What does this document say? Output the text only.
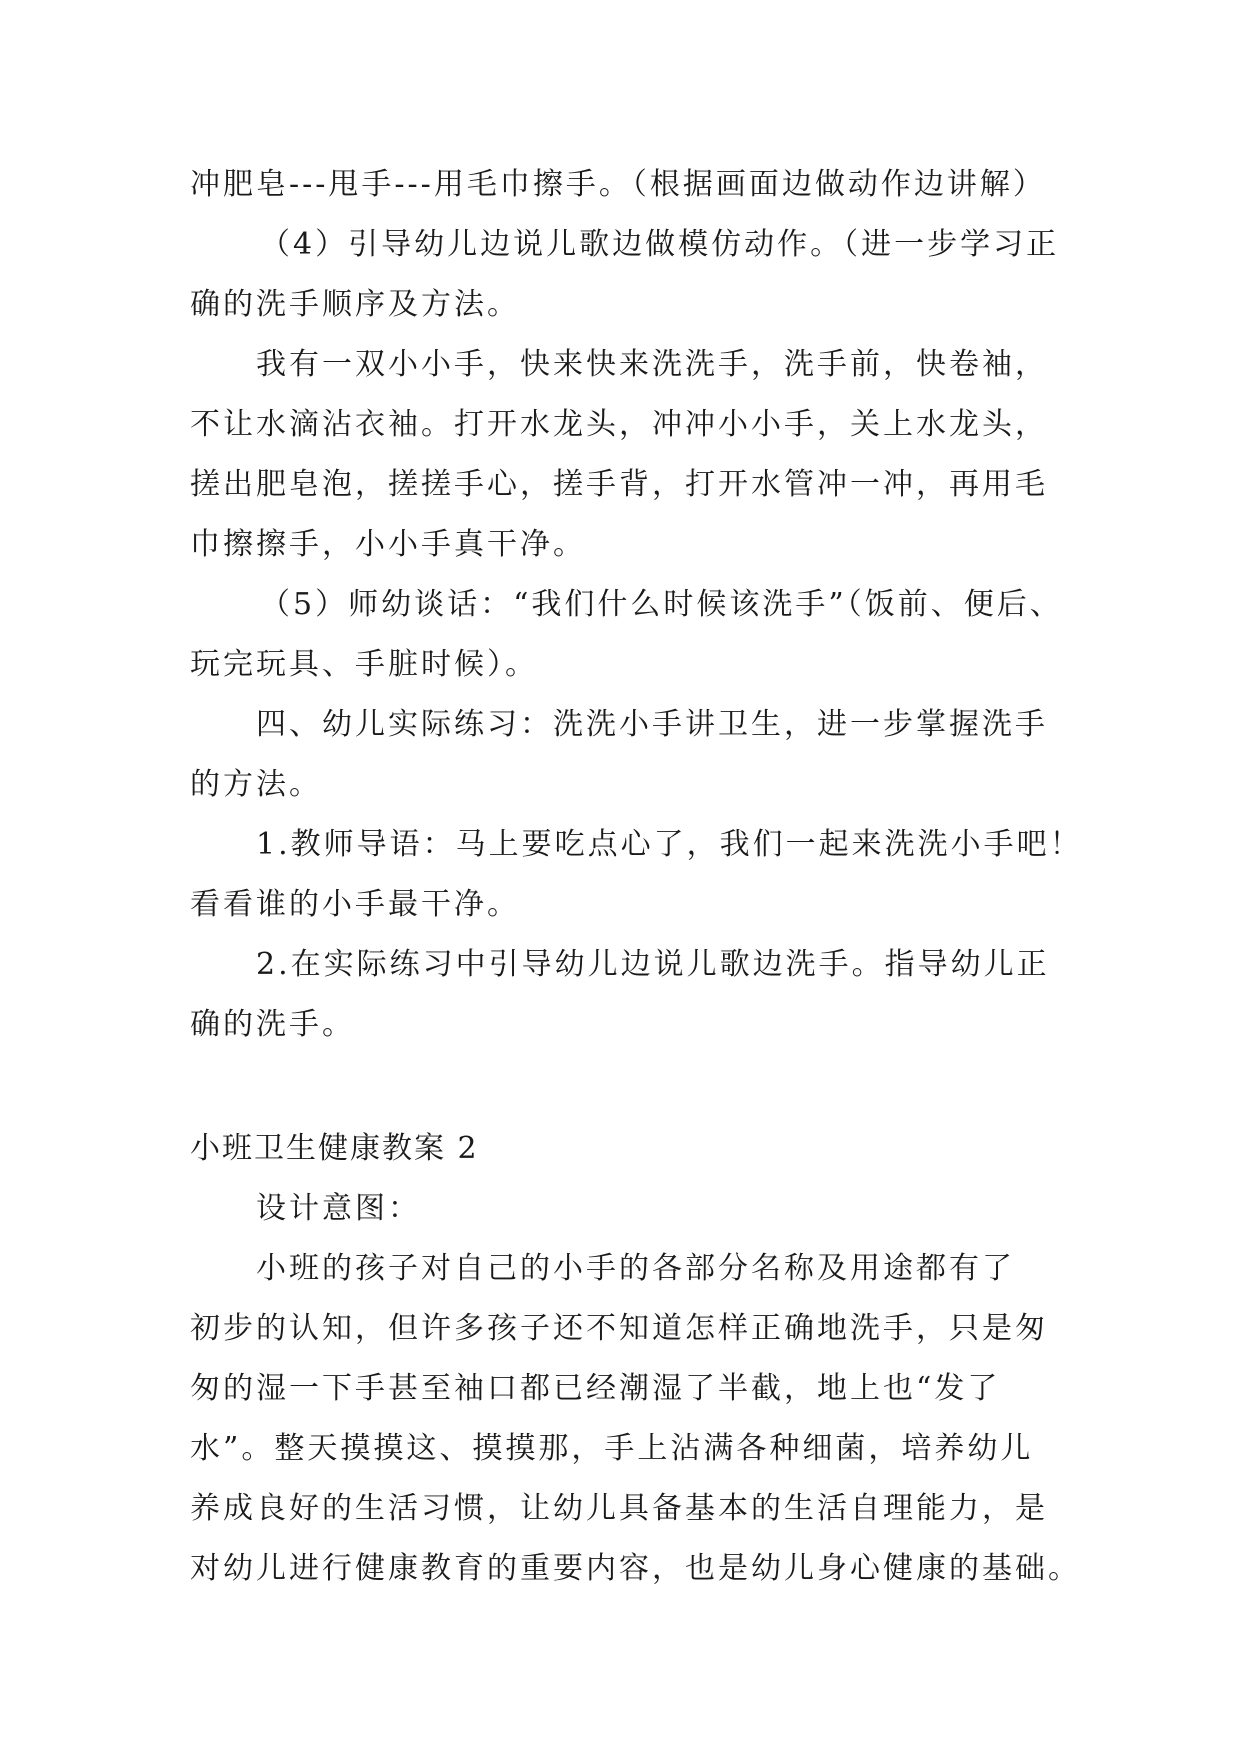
冲肥皂---甩手---用毛巾擦手。（根据画面边做动作边讲解）
（4）引导幼儿边说儿歌边做模仿动作。（进一步学习正
确的洗手顺序及方法。
我有一双小小手，快来快来洗洗手，洗手前，快卷袖，
不让水滴沾衣袖。打开水龙头，冲冲小小手，关上水龙头，
搓出肥皂泡，搓搓手心，搓手背，打开水管冲一冲，再用毛
巾擦擦手，小小手真干净。
（5）师幼谈话：“我们什么时候该洗手”（饭前、便后、
玩完玩具、手脏时候）。
四、幼儿实际练习：洗洗小手讲卫生，进一步掌握洗手
的方法。
1.教师导语：马上要吃点心了，我们一起来洗洗小手吧！
看看谁的小手最干净。
2.在实际练习中引导幼儿边说儿歌边洗手。指导幼儿正
确的洗手。
小班卫生健康教案 2
设计意图：
小班的孩子对自己的小手的各部分名称及用途都有了
初步的认知，但许多孩子还不知道怎样正确地洗手，只是匆
匆的湿一下手甚至袖口都已经潮湿了半截，地上也“发了
水”。整天摸摸这、摸摸那，手上沾满各种细菌，培养幼儿
养成良好的生活习惯，让幼儿具备基本的生活自理能力，是
对幼儿进行健康教育的重要内容，也是幼儿身心健康的基础。
